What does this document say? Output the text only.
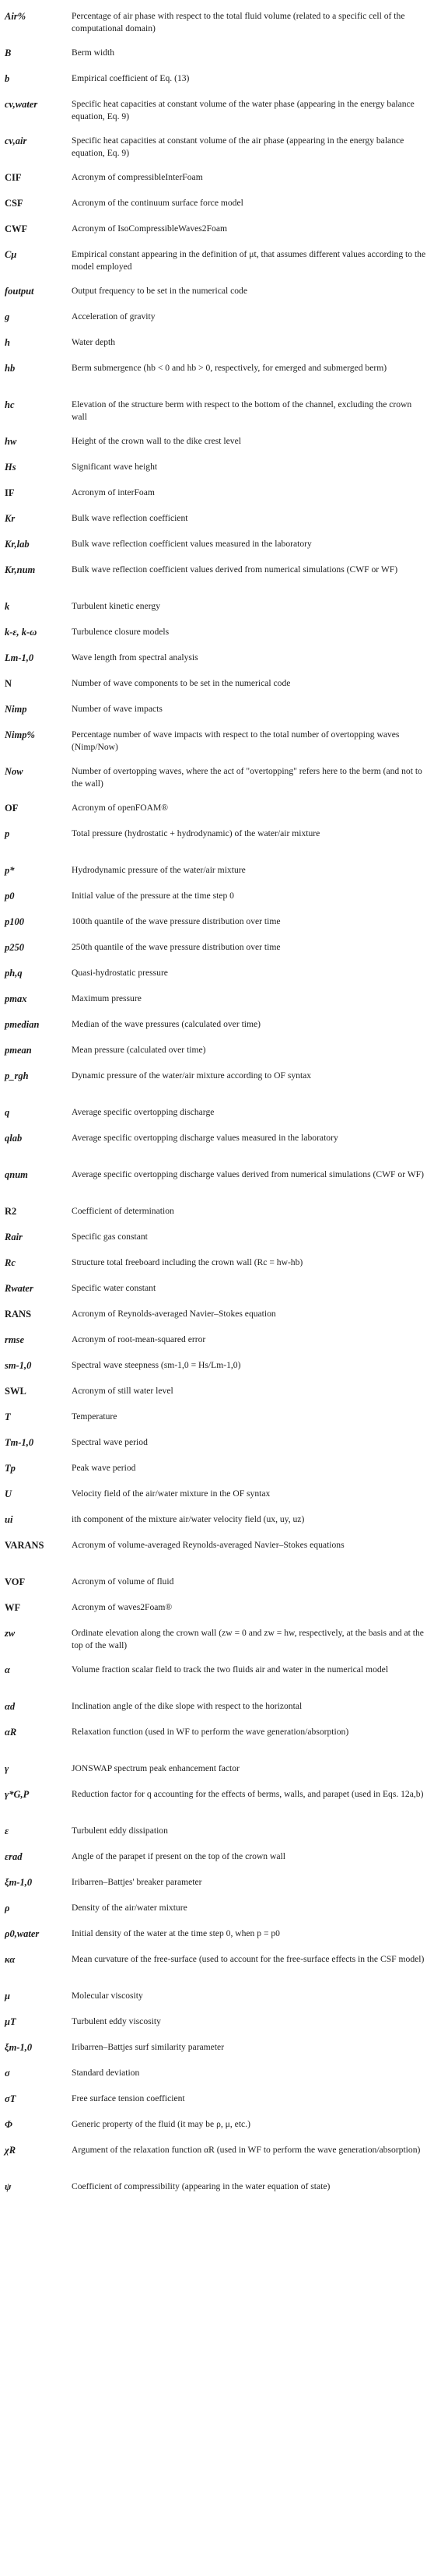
Air%	Percentage of air phase with respect to the total fluid volume (related to a specific cell of the computational domain)
B	Berm width
b	Empirical coefficient of Eq. (13)
cv,water	Specific heat capacities at constant volume of the water phase (appearing in the energy balance equation, Eq. 9)
cv,air	Specific heat capacities at constant volume of the air phase (appearing in the energy balance equation, Eq. 9)
CIF	Acronym of compressibleInterFoam
CSF	Acronym of the continuum surface force model
CWF	Acronym of IsoCompressibleWaves2Foam
Cμ	Empirical constant appearing in the definition of μt, that assumes different values according to the model employed
foutput	Output frequency to be set in the numerical code
g	Acceleration of gravity
h	Water depth
hb	Berm submergence (hb < 0 and hb > 0, respectively, for emerged and submerged berm)
hc	Elevation of the structure berm with respect to the bottom of the channel, excluding the crown wall
hw	Height of the crown wall to the dike crest level
Hs	Significant wave height
IF	Acronym of interFoam
Kr	Bulk wave reflection coefficient
Kr,lab	Bulk wave reflection coefficient values measured in the laboratory
Kr,num	Bulk wave reflection coefficient values derived from numerical simulations (CWF or WF)
k	Turbulent kinetic energy
k-ε, k-ω	Turbulence closure models
Lm-1,0	Wave length from spectral analysis
N	Number of wave components to be set in the numerical code
Nimp	Number of wave impacts
Nimp%	Percentage number of wave impacts with respect to the total number of overtopping waves (Nimp/Now)
Now	Number of overtopping waves, where the act of "overtopping" refers here to the berm (and not to the wall)
OF	Acronym of openFOAM®
p	Total pressure (hydrostatic + hydrodynamic) of the water/air mixture
p*	Hydrodynamic pressure of the water/air mixture
p0	Initial value of the pressure at the time step 0
p100	100th quantile of the wave pressure distribution over time
p250	250th quantile of the wave pressure distribution over time
ph,q	Quasi-hydrostatic pressure
pmax	Maximum pressure
pmedian	Median of the wave pressures (calculated over time)
pmean	Mean pressure (calculated over time)
p_rgh	Dynamic pressure of the water/air mixture according to OF syntax
q	Average specific overtopping discharge
qlab	Average specific overtopping discharge values measured in the laboratory
qnum	Average specific overtopping discharge values derived from numerical simulations (CWF or WF)
R2	Coefficient of determination
Rair	Specific gas constant
Rc	Structure total freeboard including the crown wall (Rc = hw-hb)
Rwater	Specific water constant
RANS	Acronym of Reynolds-averaged Navier–Stokes equation
rmse	Acronym of root-mean-squared error
sm-1,0	Spectral wave steepness (sm-1,0 = Hs/Lm-1,0)
SWL	Acronym of still water level
T	Temperature
Tm-1,0	Spectral wave period
Tp	Peak wave period
U	Velocity field of the air/water mixture in the OF syntax
ui	ith component of the mixture air/water velocity field (ux, uy, uz)
VARANS	Acronym of volume-averaged Reynolds-averaged Navier–Stokes equations
VOF	Acronym of volume of fluid
WF	Acronym of waves2Foam®
zw	Ordinate elevation along the crown wall (zw = 0 and zw = hw, respectively, at the basis and at the top of the wall)
α	Volume fraction scalar field to track the two fluids air and water in the numerical model
αd	Inclination angle of the dike slope with respect to the horizontal
αR	Relaxation function (used in WF to perform the wave generation/absorption)
γ	JONSWAP spectrum peak enhancement factor
γ*G,P	Reduction factor for q accounting for the effects of berms, walls, and parapet (used in Eqs. 12a,b)
ε	Turbulent eddy dissipation
εrad	Angle of the parapet if present on the top of the crown wall
ξm-1,0	Iribarren–Battjes' breaker parameter
ρ	Density of the air/water mixture
ρ0,water	Initial density of the water at the time step 0, when p = p0
κα	Mean curvature of the free-surface (used to account for the free-surface effects in the CSF model)
μ	Molecular viscosity
μT	Turbulent eddy viscosity
ξm-1,0	Iribarren–Battjes surf similarity parameter
σ	Standard deviation
σT	Free surface tension coefficient
Φ	Generic property of the fluid (it may be ρ, μ, etc.)
χR	Argument of the relaxation function αR (used in WF to perform the wave generation/absorption)
ψ	Coefficient of compressibility (appearing in the water equation of state)
